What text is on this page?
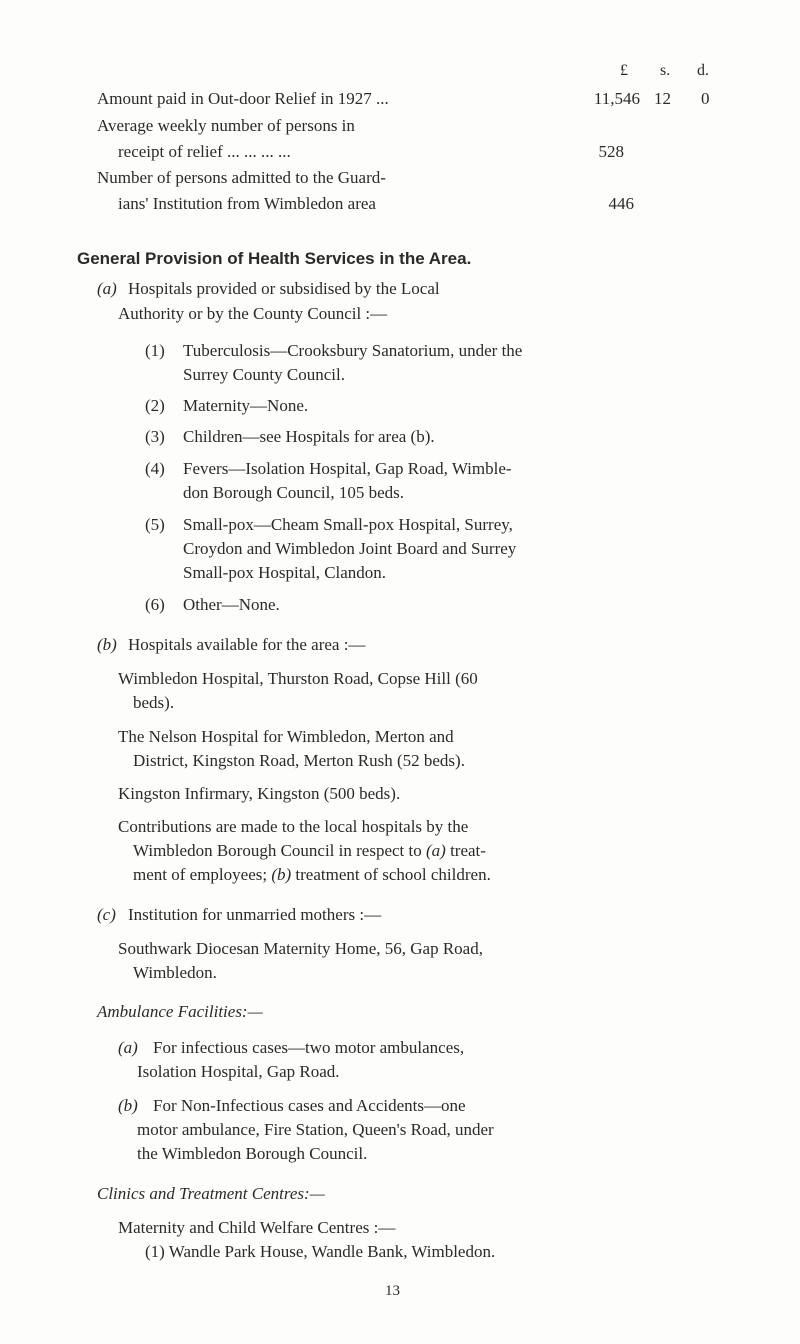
£ s. d.

Amount paid in Out-door Relief in 1927 ...	11,546 12 0

Average weekly number of persons in

receipt of relief ... ... ... ...	528

Number of persons admitted to the Guard-

ians' Institution from Wimbledon area	446

General Provision of Health Services in the Area.

(a) Hospitals provided or subsidised by the Local

Authority or by the County Council :—

(1) Tuberculosis—Crooksbury Sanatorium, under the

Surrey County Council.

(2) Maternity—None.

(3) Children—see Hospitals for area (b).

(4) Fevers—Isolation Hospital, Gap Road, Wimble-

don Borough Council, 105 beds.

(5) Small-pox—Cheam Small-pox Hospital, Surrey,

Croydon and Wimbledon Joint Board and Surrey

Small-pox Hospital, Clandon.

(6) Other—None.

(b) Hospitals available for the area :—

Wimbledon Hospital, Thurston Road, Copse Hill (60

beds).

The Nelson Hospital for Wimbledon, Merton and

District, Kingston Road, Merton Rush (52 beds).

Kingston Infirmary, Kingston (500 beds).

Contributions are made to the local hospitals by the

Wimbledon Borough Council in respect to (a) treat-

ment of employees; (b) treatment of school children.

(c) Institution for unmarried mothers :—

Southwark Diocesan Maternity Home, 56, Gap Road,

Wimbledon.

Ambulance Facilities:—

(a) For infectious cases—two motor ambulances,

Isolation Hospital, Gap Road.

(b) For Non-Infectious cases and Accidents—one

motor ambulance, Fire Station, Queen's Road, under

the Wimbledon Borough Council.

Clinics and Treatment Centres:—

Maternity and Child Welfare Centres :—

(1) Wandle Park House, Wandle Bank, Wimbledon.

13
